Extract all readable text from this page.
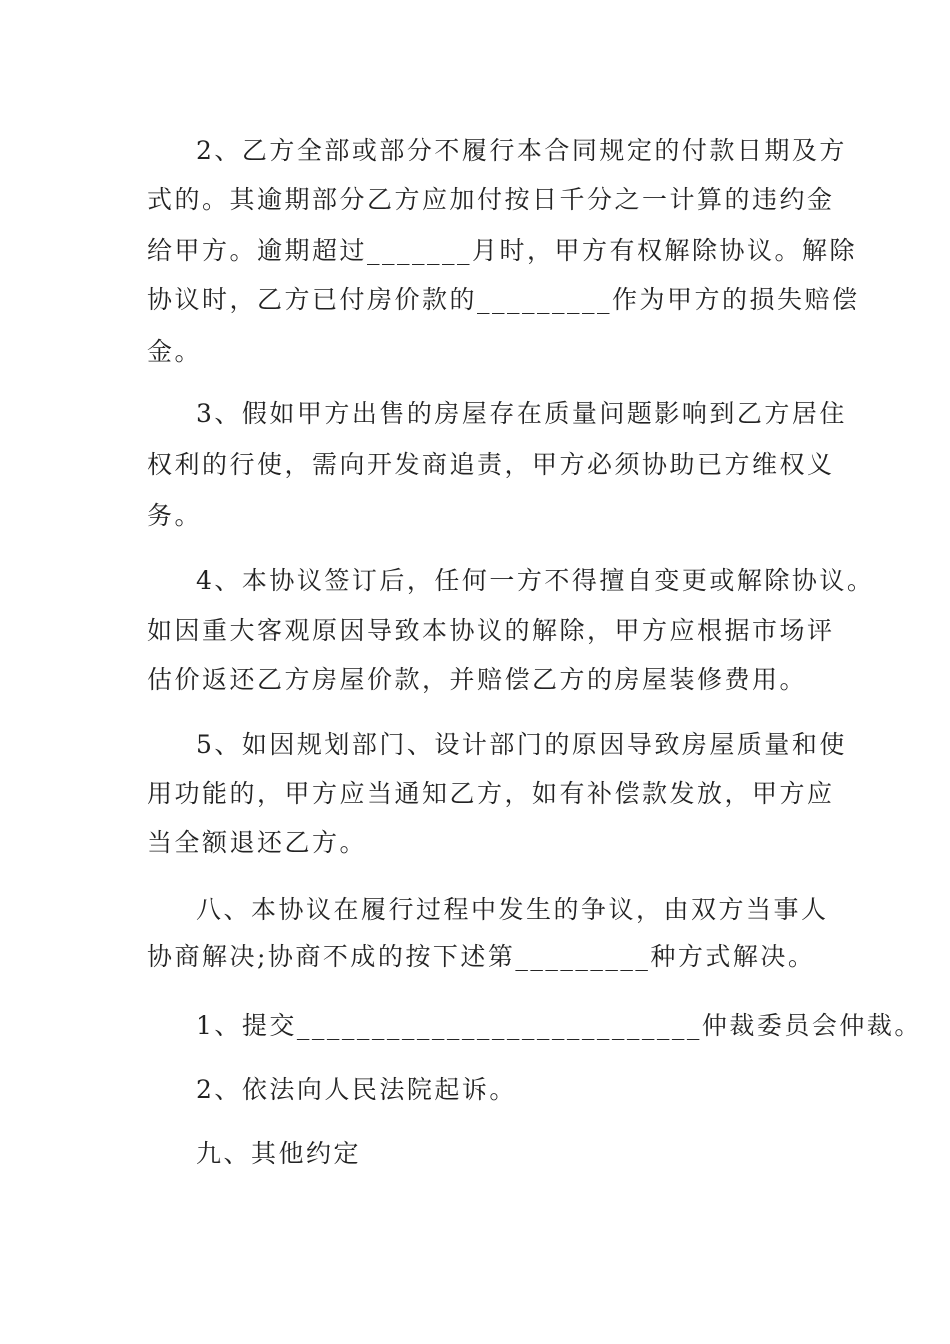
2、乙方全部或部分不履行本合同规定的付款日期及方
式的。其逾期部分乙方应加付按日千分之一计算的违约金
给甲方。逾期超过_______月时，甲方有权解除协议。解除
协议时，乙方已付房价款的_________作为甲方的损失赔偿
金。
3、假如甲方出售的房屋存在质量问题影响到乙方居住
权利的行使，需向开发商追责，甲方必须协助已方维权义
务。
4、本协议签订后，任何一方不得擅自变更或解除协议。
如因重大客观原因导致本协议的解除，甲方应根据市场评
估价返还乙方房屋价款，并赔偿乙方的房屋装修费用。
5、如因规划部门、设计部门的原因导致房屋质量和使
用功能的，甲方应当通知乙方，如有补偿款发放，甲方应
当全额退还乙方。
八、本协议在履行过程中发生的争议，由双方当事人
协商解决;协商不成的按下述第_________种方式解决。
1、提交___________________________仲裁委员会仲裁。
2、依法向人民法院起诉。
九、其他约定
